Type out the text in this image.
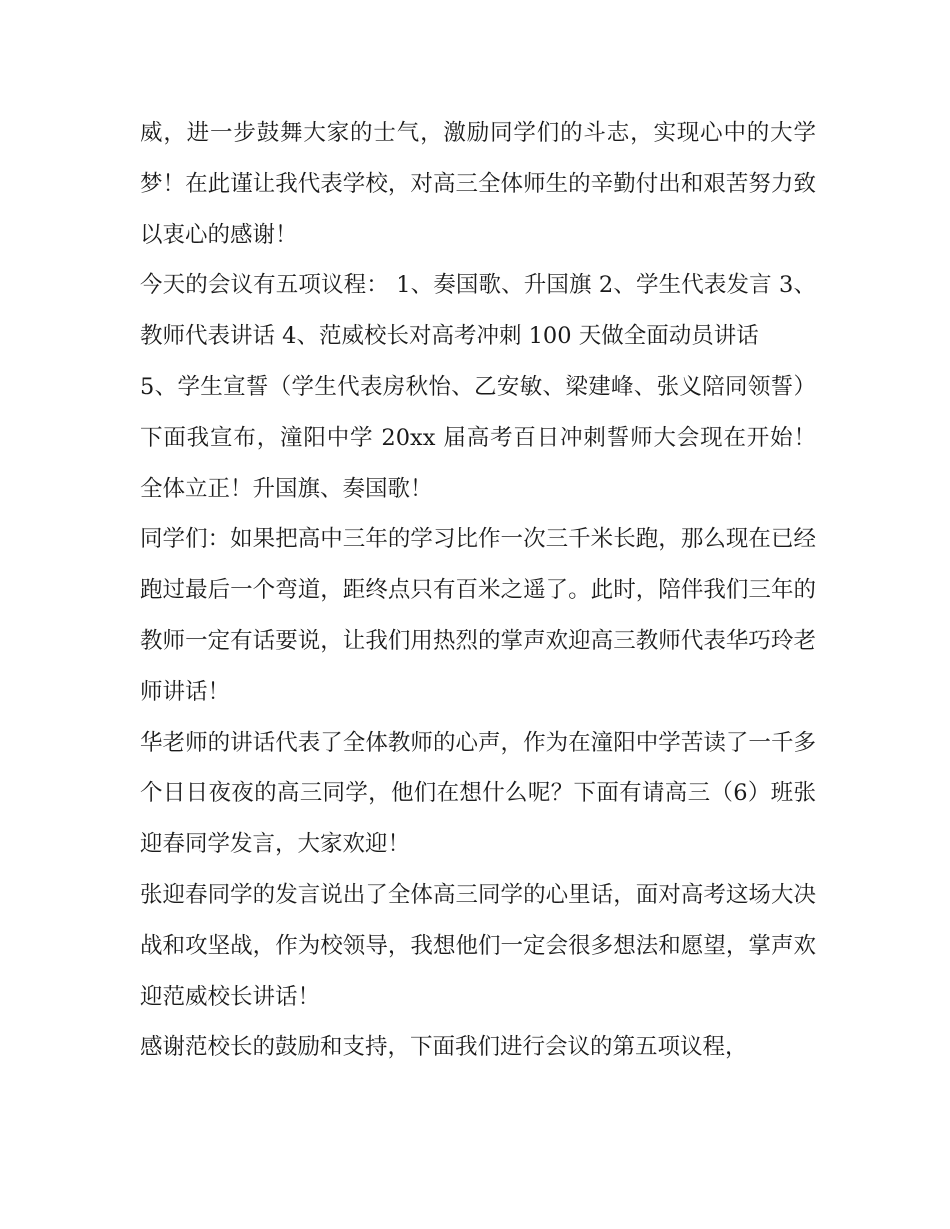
威，进一步鼓舞大家的士气，激励同学们的斗志，实现心中的大学梦！在此谨让我代表学校，对高三全体师生的辛勤付出和艰苦努力致以衷心的感谢！

今天的会议有五项议程： 1、奏国歌、升国旗 2、学生代表发言 3、教师代表讲话 4、范威校长对高考冲刺 100 天做全面动员讲话

5、学生宣誓（学生代表房秋怡、乙安敏、梁建峰、张义陪同领誓） 下面我宣布，潼阳中学 20xx 届高考百日冲刺誓师大会现在开始！ 全体立正！升国旗、奏国歌！

同学们：如果把高中三年的学习比作一次三千米长跑，那么现在已经跑过最后一个弯道，距终点只有百米之遥了。此时，陪伴我们三年的教师一定有话要说，让我们用热烈的掌声欢迎高三教师代表华巧玲老师讲话！

华老师的讲话代表了全体教师的心声，作为在潼阳中学苦读了一千多个日日夜夜的高三同学，他们在想什么呢？下面有请高三（6）班张迎春同学发言，大家欢迎！

张迎春同学的发言说出了全体高三同学的心里话，面对高考这场大决战和攻坚战，作为校领导，我想他们一定会很多想法和愿望，掌声欢迎范威校长讲话！

感谢范校长的鼓励和支持，下面我们进行会议的第五项议程，
